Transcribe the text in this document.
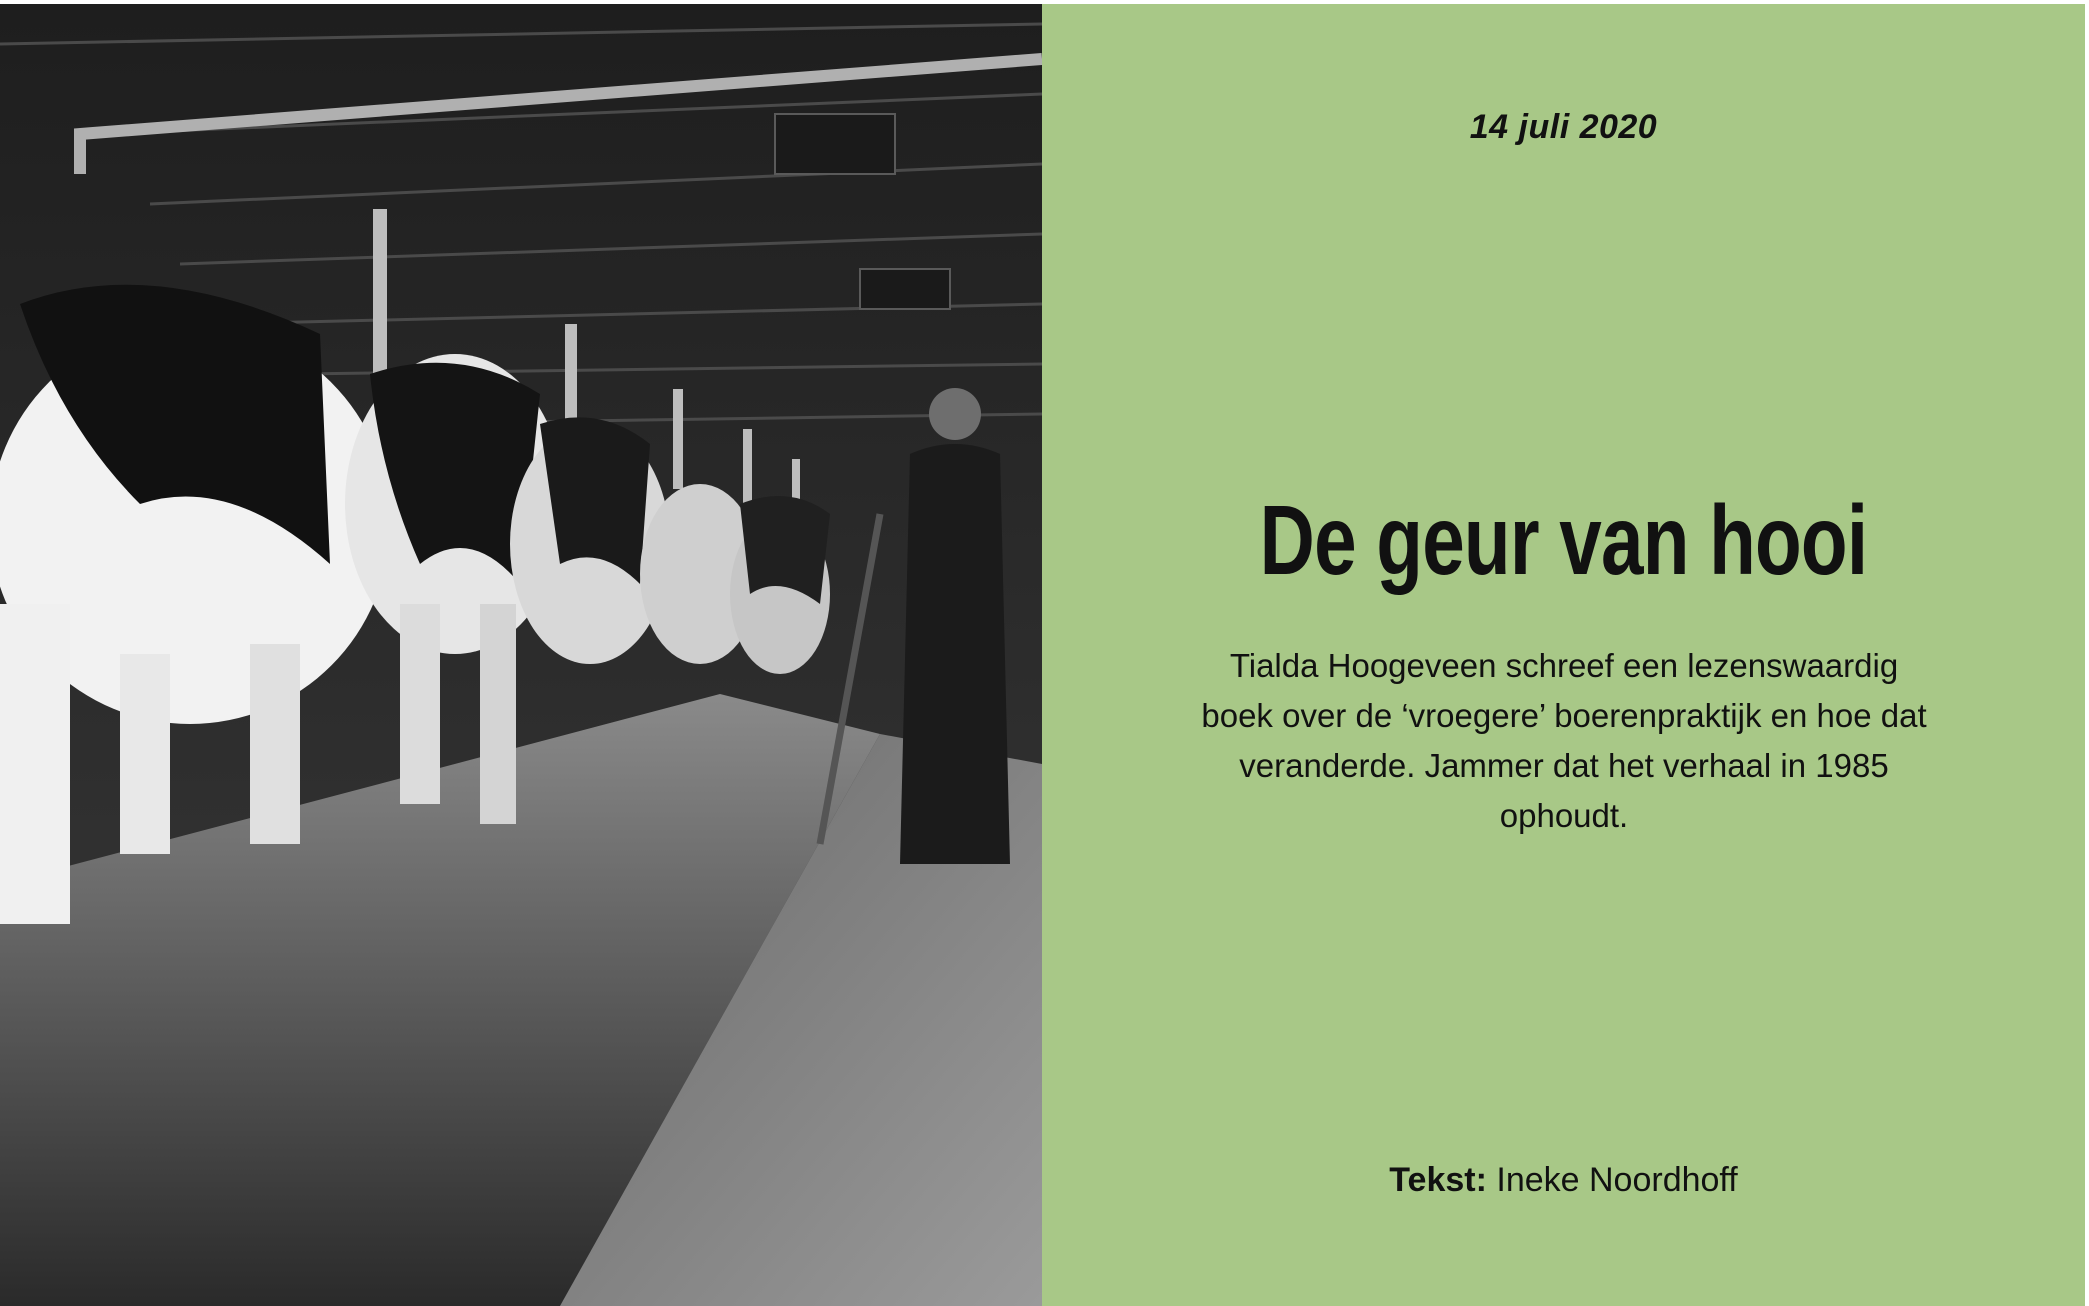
14 juli 2020
De geur van hooi
Tialda Hoogeveen schreef een lezenswaardig boek over de ‘vroegere’ boerenpraktijk en hoe dat veranderde. Jammer dat het verhaal in 1985 ophoudt.
Tekst: Ineke Noordhoff
